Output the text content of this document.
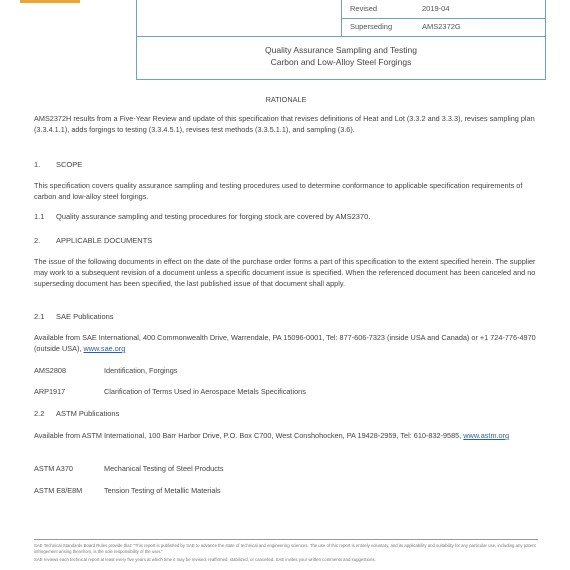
Revised	2019-04
Superseding	AMS2372G
Quality Assurance Sampling and Testing
Carbon and Low-Alloy Steel Forgings
RATIONALE
AMS2372H results from a Five-Year Review and update of this specification that revises definitions of Heat and Lot (3.3.2 and 3.3.3), revises sampling plan (3.3.4.1.1), adds forgings to testing (3.3.4.5.1), revises test methods (3.3.5.1.1), and sampling (3.6).
1. SCOPE
This specification covers quality assurance sampling and testing procedures used to determine conformance to applicable specification requirements of carbon and low-alloy steel forgings.
1.1 Quality assurance sampling and testing procedures for forging stock are covered by AMS2370.
2. APPLICABLE DOCUMENTS
The issue of the following documents in effect on the date of the purchase order forms a part of this specification to the extent specified herein. The supplier may work to a subsequent revision of a document unless a specific document issue is specified. When the referenced document has been canceled and no superseding document has been specified, the last published issue of that document shall apply.
2.1 SAE Publications
Available from SAE International, 400 Commonwealth Drive, Warrendale, PA 15096-0001, Tel: 877-606-7323 (inside USA and Canada) or +1 724-776-4970 (outside USA), www.sae.org
AMS2808	Identification, Forgings
ARP1917	Clarification of Terms Used in Aerospace Metals Specifications
2.2 ASTM Publications
Available from ASTM International, 100 Barr Harbor Drive, P.O. Box C700, West Conshohocken, PA 19428-2959, Tel: 610-832-9585, www.astm.org
ASTM A370	Mechanical Testing of Steel Products
ASTM E8/E8M	Tension Testing of Metallic Materials
SAE Technical Standards Board Rules provide that: "This report is published by SAE to advance the state of technical and engineering sciences. The use of this report is entirely voluntary, and its applicability and suitability for any particular use, including any patent infringement arising therefrom, is the sole responsibility of the user."
SAE reviews each technical report at least every five years at which time it may be revised, reaffirmed, stabilized, or cancelled. SAE invites your written comments and suggestions.
